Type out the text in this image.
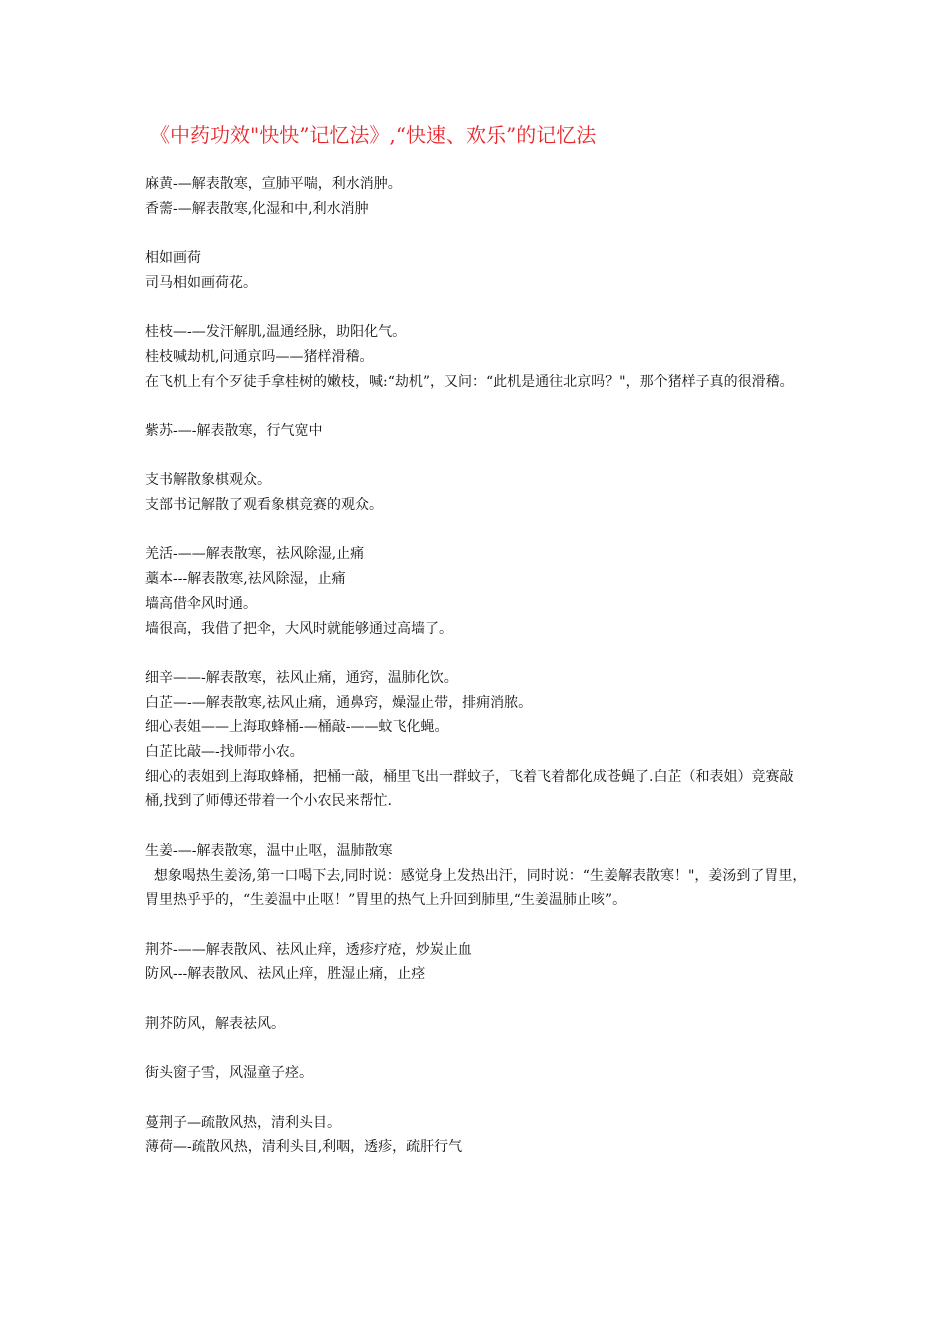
《中药功效"快快”记忆法》,“快速、欢乐”的记忆法
麻黄-—解表散寒，宣肺平喘，利水消肿。
香薷-—解表散寒,化湿和中,利水消肿
相如画荷
司马相如画荷花。
桂枝—-—发汗解肌,温通经脉，助阳化气。
桂枝喊劫机,问通京吗——猪样滑稽。
在飞机上有个歹徒手拿桂树的嫩枝，喊:“劫机”，又问：“此机是通往北京吗？"，那个猪样子真的很滑稽。
紫苏-—-解表散寒，行气宽中
支书解散象棋观众。
支部书记解散了观看象棋竞赛的观众。
羌活-——解表散寒，祛风除湿,止痛
藁本---解表散寒,祛风除湿，止痛
墙高借伞风时通。
墙很高，我借了把伞，大风时就能够通过高墙了。
细辛——-解表散寒，祛风止痛，通窍，温肺化饮。
白芷—-—解表散寒,祛风止痛，通鼻窍，燥湿止带，排痈消脓。
细心表姐——上海取蜂桶-—桶敲-——蚊飞化蝇。
白芷比敲—-找师带小农。
细心的表姐到上海取蜂桶，把桶一敲，桶里飞出一群蚊子，飞着飞着都化成苍蝇了.白芷（和表姐）竞赛敲桶,找到了师傅还带着一个小农民来帮忙.
生姜-—-解表散寒，温中止呕，温肺散寒
想象喝热生姜汤,第一口喝下去,同时说：感觉身上发热出汗，同时说：“生姜解表散寒！"，姜汤到了胃里，胃里热乎乎的，“生姜温中止呕！”胃里的热气上升回到肺里,“生姜温肺止咳”。
荆芥-——解表散风、祛风止痒，透疹疗疮，炒炭止血
防风---解表散风、祛风止痒，胜湿止痛，止痉
荆芥防风，解表祛风。
街头窗子雪，风湿童子痉。
蔓荆子—疏散风热，清利头目。
薄荷—-疏散风热，清利头目,利咽，透疹，疏肝行气
